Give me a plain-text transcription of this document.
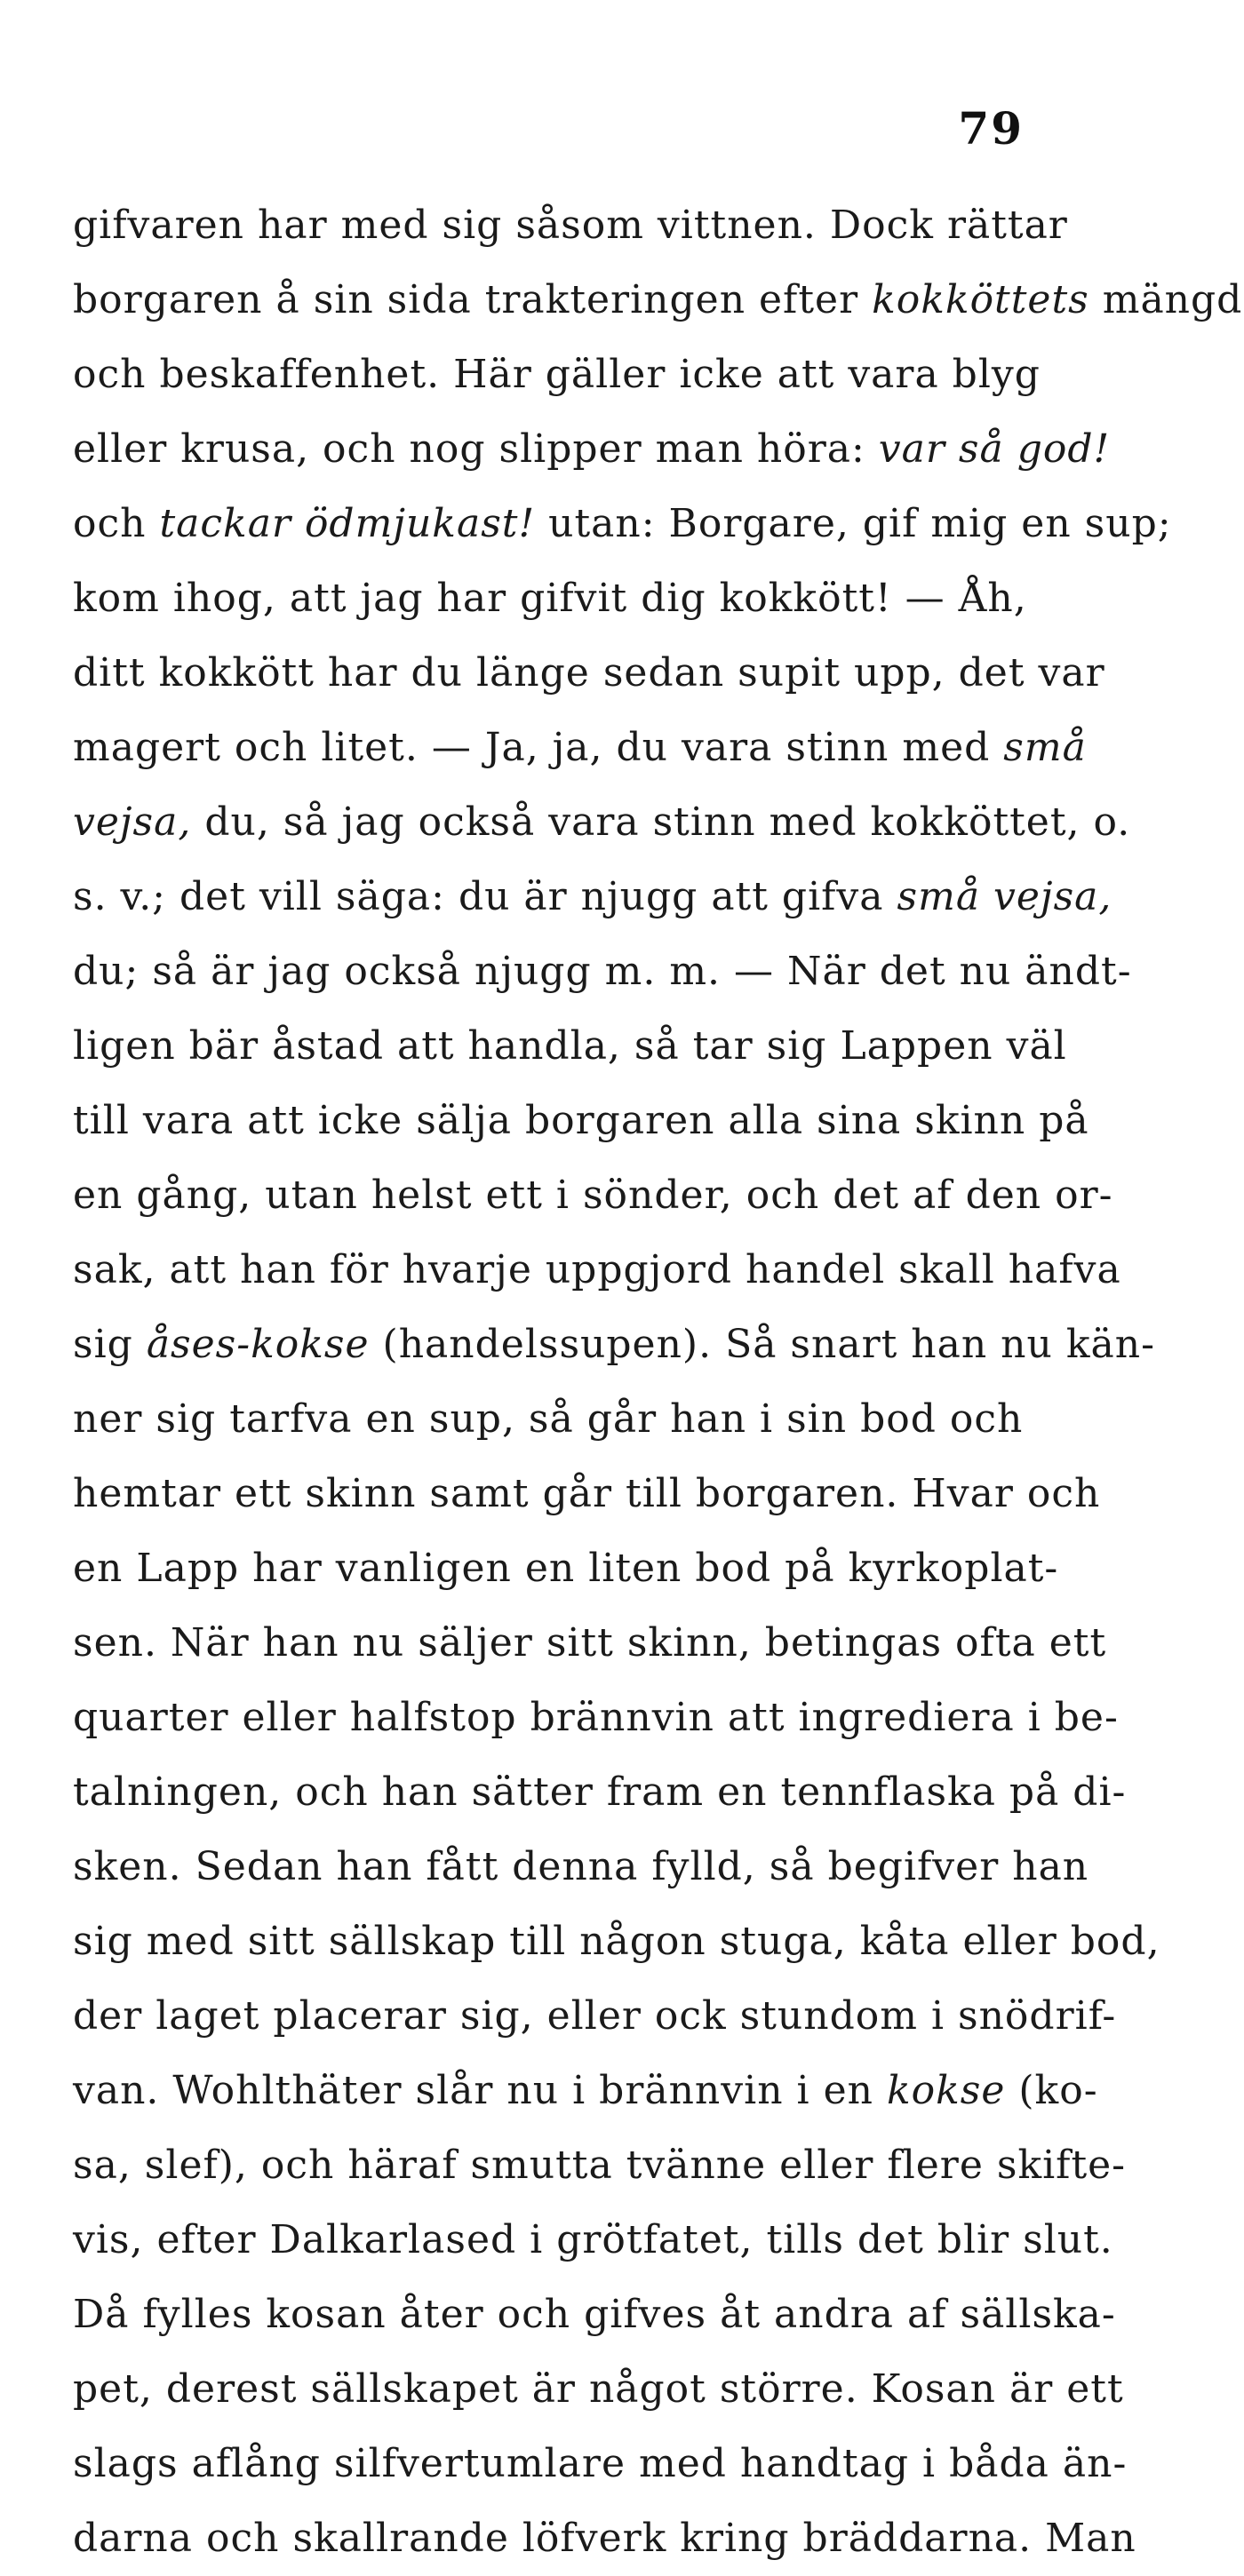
79
gifvaren har med sig såsom vittnen. Dock rättar
borgaren å sin sida trakteringen efter kokköttets mängd
och beskaffenhet. Här gäller icke att vara blyg
eller krusa, och nog slipper man höra: var så god!
och tackar ödmjukast! utan: Borgare, gif mig en sup;
kom ihog, att jag har gifvit dig kokkött! — Åh,
ditt kokkött har du länge sedan supit upp, det var
magert och litet. — Ja, ja, du vara stinn med små
vejsa, du, så jag också vara stinn med kokköttet, o.
s. v.; det vill säga: du är njugg att gifva små vejsa,
du; så är jag också njugg m. m. — När det nu ändt-
ligen bär åstad att handla, så tar sig Lappen väl
till vara att icke sälja borgaren alla sina skinn på
en gång, utan helst ett i sönder, och det af den or-
sak, att han för hvarje uppgjord handel skall hafva
sig åses-kokse (handelssupen). Så snart han nu kän-
ner sig tarfva en sup, så går han i sin bod och
hemtar ett skinn samt går till borgaren. Hvar och
en Lapp har vanligen en liten bod på kyrkoplat-
sen. När han nu säljer sitt skinn, betingas ofta ett
quarter eller halfstop brännvin att ingrediera i be-
talningen, och han sätter fram en tennflaska på di-
sken. Sedan han fått denna fylld, så begifver han
sig med sitt sällskap till någon stuga, kåta eller bod,
der laget placerar sig, eller ock stundom i snödrif-
van. Wohlthäter slår nu i brännvin i en kokse (ko-
sa, slef), och häraf smutta tvänne eller flere skifte-
vis, efter Dalkarlased i grötfatet, tills det blir slut.
Då fylles kosan åter och gifves åt andra af sällska-
pet, derest sällskapet är något större. Kosan är ett
slags aflång silfvertumlare med handtag i båda än-
darna och skallrande löfverk kring bräddarna. Man
